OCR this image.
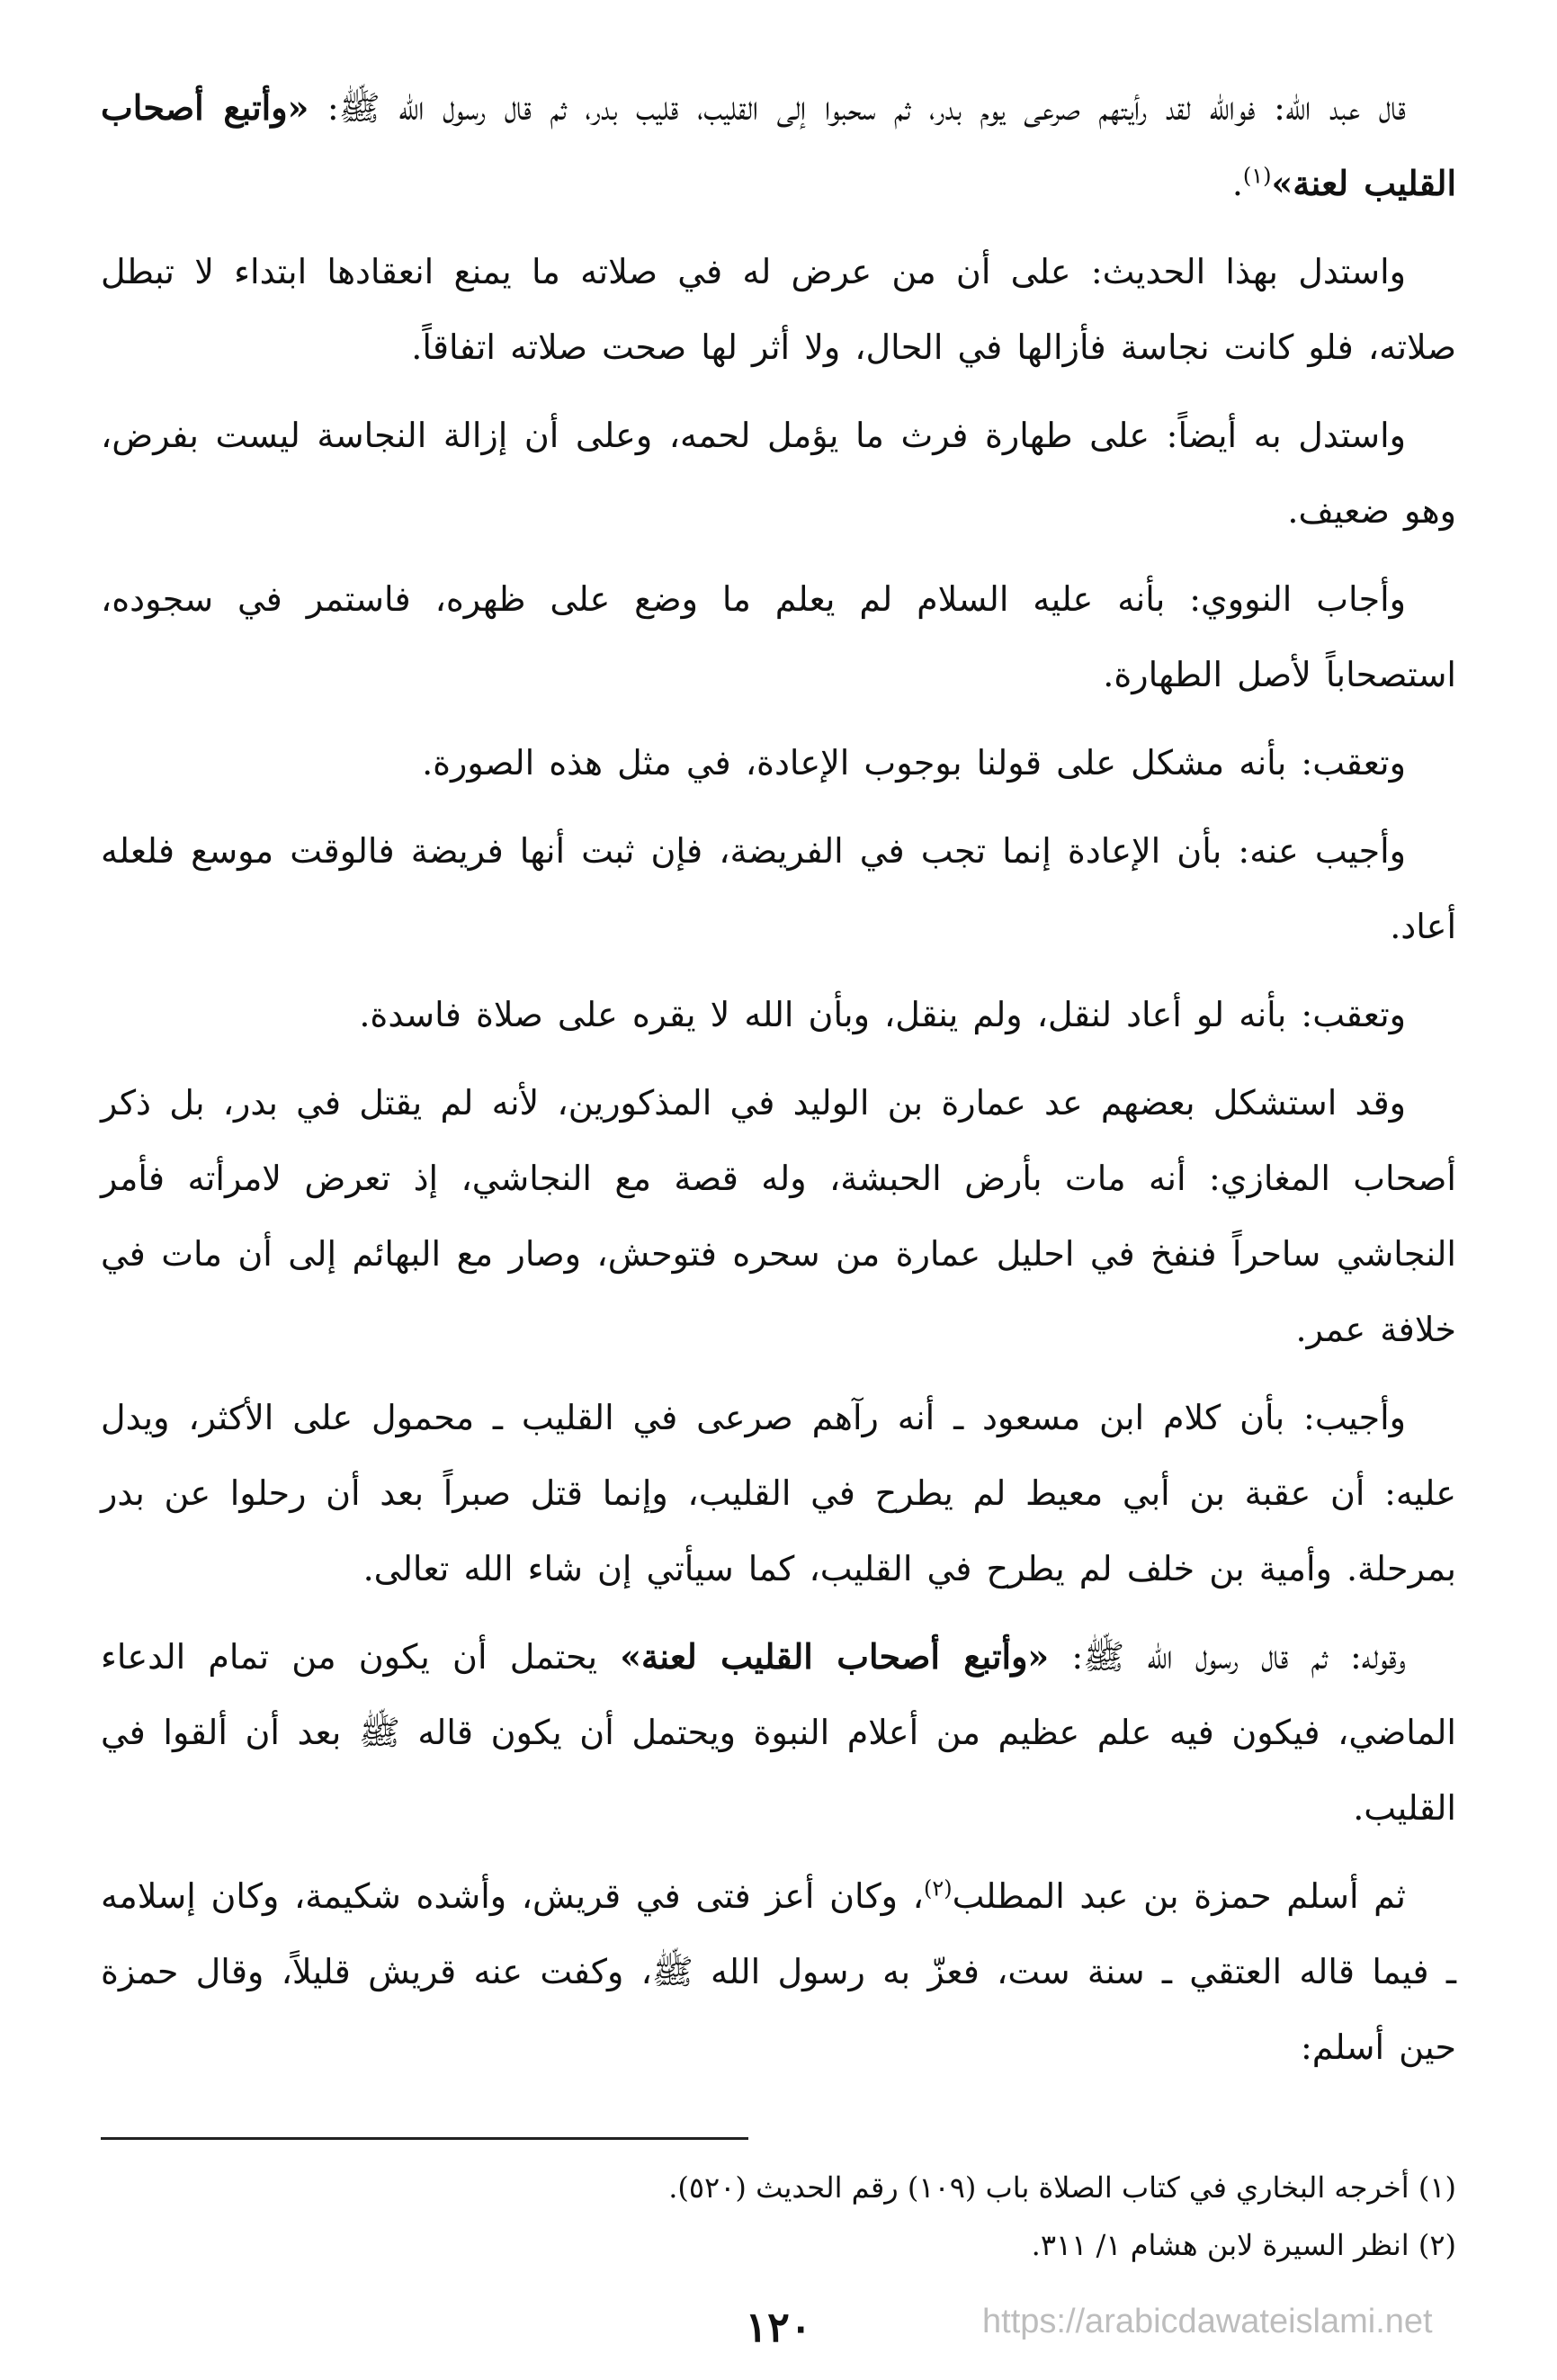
قال عبد الله: فوالله لقد رأيتهم صرعى يوم بدر، ثم سحبوا إلى القليب، قليب بدر، ثم قال رسول الله ﷺ: «وأتبع أصحاب القليب لعنة»$^{(١)}$.

واستدل بهذا الحديث: على أن من عرض له في صلاته ما يمنع انعقادها ابتداء لا تبطل صلاته، فلو كانت نجاسة فأزالها في الحال، ولا أثر لها صحت صلاته اتفاقاً.

واستدل به أيضاً: على طهارة فرث ما يؤمل لحمه، وعلى أن إزالة النجاسة ليست بفرض، وهو ضعيف.

وأجاب النووي: بأنه عليه السلام لم يعلم ما وضع على ظهره، فاستمر في سجوده، استصحاباً لأصل الطهارة.

وتعقب: بأنه مشكل على قولنا بوجوب الإعادة، في مثل هذه الصورة.

وأجيب عنه: بأن الإعادة إنما تجب في الفريضة، فإن ثبت أنها فريضة فالوقت موسع فلعله أعاد.

وتعقب: بأنه لو أعاد لنقل، ولم ينقل، وبأن الله لا يقره على صلاة فاسدة.

وقد استشكل بعضهم عد عمارة بن الوليد في المذكورين، لأنه لم يقتل في بدر، بل ذكر أصحاب المغازي: أنه مات بأرض الحبشة، وله قصة مع النجاشي، إذ تعرض لامرأته فأمر النجاشي ساحراً فنفخ في احليل عمارة من سحره فتوحش، وصار مع البهائم إلى أن مات في خلافة عمر.

وأجيب: بأن كلام ابن مسعود ـ أنه رآهم صرعى في القليب ـ محمول على الأكثر، ويدل عليه: أن عقبة بن أبي معيط لم يطرح في القليب، وإنما قتل صبراً بعد أن رحلوا عن بدر بمرحلة. وأمية بن خلف لم يطرح في القليب، كما سيأتي إن شاء الله تعالى.

وقوله: ثم قال رسول الله ﷺ: «وأتبع أصحاب القليب لعنة» يحتمل أن يكون من تمام الدعاء الماضي، فيكون فيه علم عظيم من أعلام النبوة ويحتمل أن يكون قاله ﷺ بعد أن ألقوا في القليب.

ثم أسلم حمزة بن عبد المطلب$^{(٢)}$، وكان أعز فتى في قريش، وأشده شكيمة، وكان إسلامه ـ فيما قاله العتقي ـ سنة ست، فعزّ به رسول الله ﷺ، وكفت عنه قريش قليلاً، وقال حمزة حين أسلم:

(١) أخرجه البخاري في كتاب الصلاة باب (١٠٩) رقم الحديث (٥٢٠).

(٢) انظر السيرة لابن هشام ١/ ٣١١.

١٢٠	https://arabicdawateislami.net
